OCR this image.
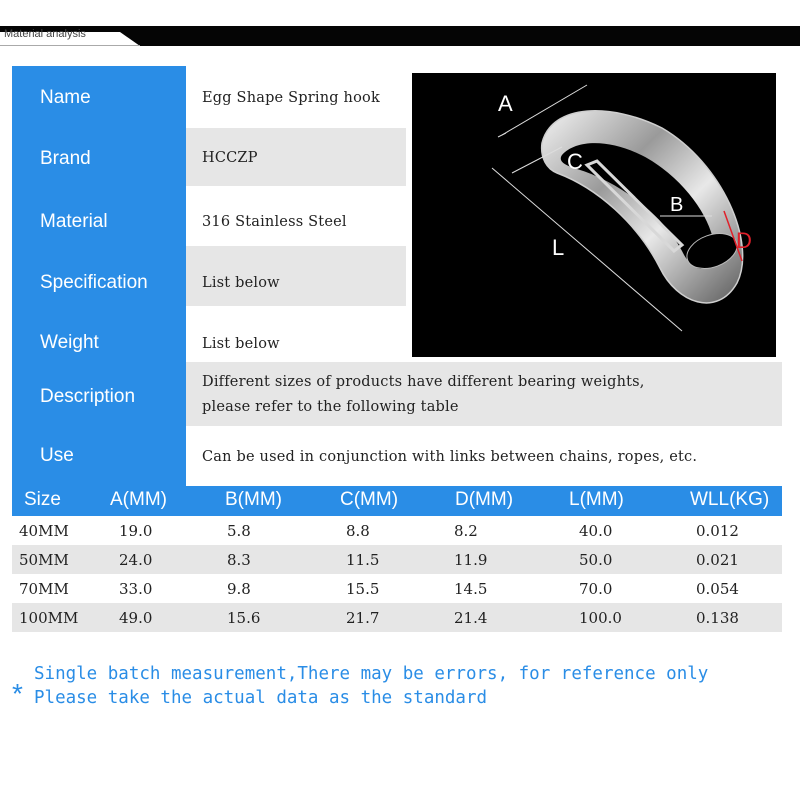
Material analysis
Name	Egg Shape Spring hook
Brand	HCCZP
Material	316 Stainless Steel
Specification	List below
Weight	List below
Description
Different sizes of products have different bearing weights,
please refer to the following table
Use	Can be used in conjunction with links between chains, ropes, etc.
A
C
B
L	D
Size	A(MM)	B(MM)	C(MM)	D(MM)	L(MM)	WLL(KG)
40MM	19.0	5.8	8.8	8.2	40.0	0.012
50MM	24.0	8.3	11.5	11.9	50.0	0.021
70MM	33.0	9.8	15.5	14.5	70.0	0.054
100MM	49.0	15.6	21.7	21.4	100.0	0.138
*
Single batch measurement,There may be errors, for reference only
Please take the actual data as the standard
